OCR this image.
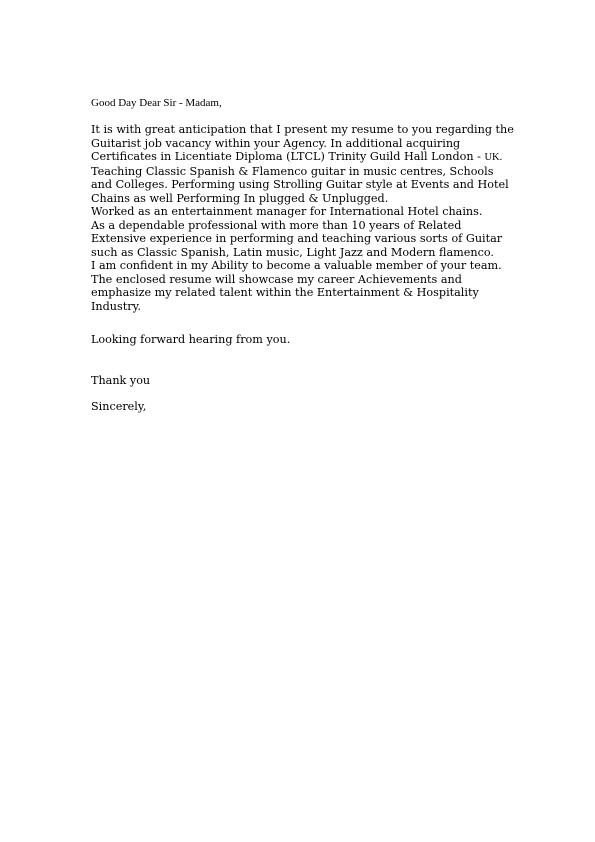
Good Day Dear Sir - Madam,
It is with great anticipation that I present my resume to you regarding the
Guitarist job vacancy within your Agency. In additional acquiring
Certificates in Licentiate Diploma (LTCL) Trinity Guild Hall London - UK.
Teaching Classic Spanish & Flamenco guitar in music centres, Schools
and Colleges. Performing using Strolling Guitar style at Events and Hotel
Chains as well Performing In plugged & Unplugged.
Worked as an entertainment manager for International Hotel chains.
As a dependable professional with more than 10 years of Related
Extensive experience in performing and teaching various sorts of Guitar
such as Classic Spanish, Latin music, Light Jazz and Modern flamenco.
I am confident in my Ability to become a valuable member of your team.
The enclosed resume will showcase my career Achievements and
emphasize my related talent within the Entertainment & Hospitality
Industry.
Looking forward hearing from you.
Thank you
Sincerely,
